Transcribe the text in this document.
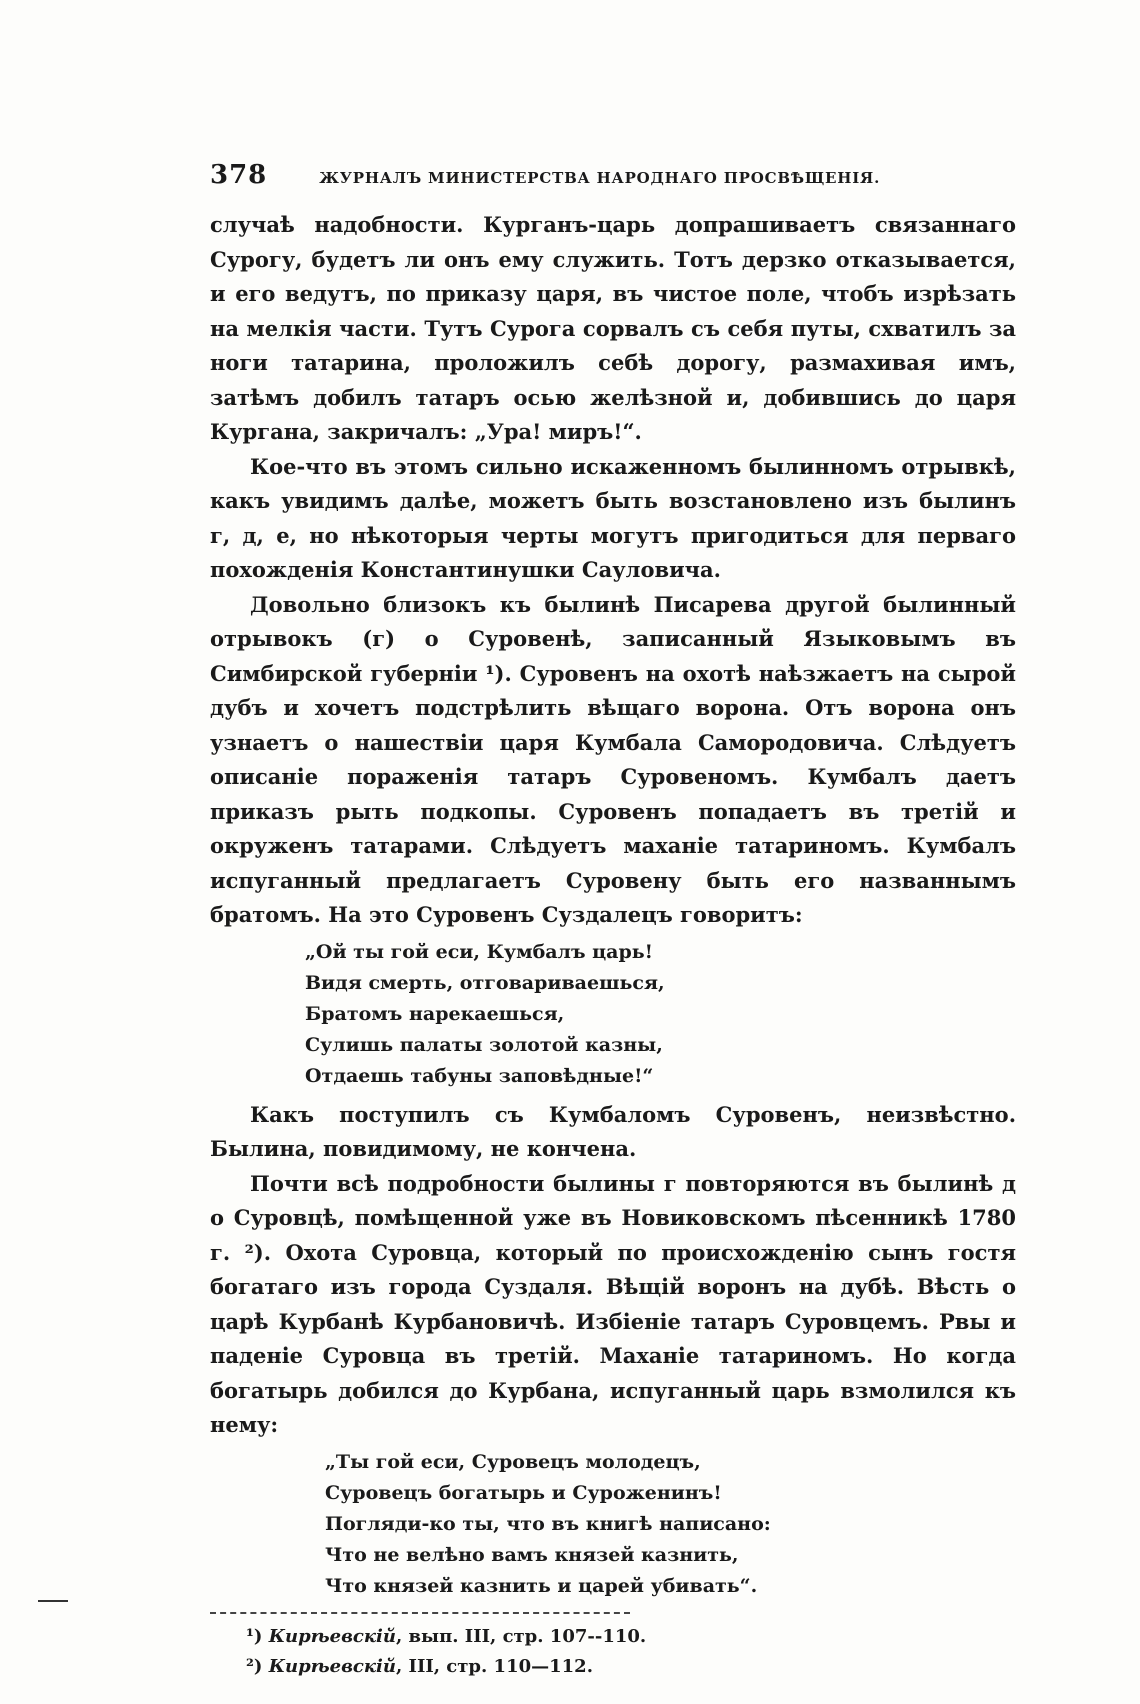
378	ЖУРНАЛЪ МИНИСТЕРСТВА НАРОДНАГО ПРОСВѢЩЕНІЯ.

случаѣ надобности. Курганъ-царь допрашиваетъ связаннаго Сурогу, будетъ ли онъ ему служить. Тотъ дерзко отказывается, и его ведутъ, по приказу царя, въ чистое поле, чтобъ изрѣзать на мелкія части. Тутъ Сурога сорвалъ съ себя путы, схватилъ за ноги татарина, проложилъ себѣ дорогу, размахивая имъ, затѣмъ добилъ татаръ осью желѣзной и, добившись до царя Кургана, закричалъ: „Ура! миръ!“.

Кое-что въ этомъ сильно искаженномъ былинномъ отрывкѣ, какъ увидимъ далѣе, можетъ быть возстановлено изъ былинъ г, д, е, но нѣкоторыя черты могутъ пригодиться для перваго похожденія Константинушки Сауловича.

Довольно близокъ къ былинѣ Писарева другой былинный отрывокъ (г) о Суровенѣ, записанный Языковымъ въ Симбирской губерніи ¹). Суровенъ на охотѣ наѣзжаетъ на сырой дубъ и хочетъ подстрѣлить вѣщаго ворона. Отъ ворона онъ узнаетъ о нашествіи царя Кумбала Самородовича. Слѣдуетъ описаніе пораженія татаръ Суровеномъ. Кумбалъ даетъ приказъ рыть подкопы. Суровенъ попадаетъ въ третій и окруженъ татарами. Слѣдуетъ маханіе татариномъ. Кумбалъ испуганный предлагаетъ Суровену быть его названнымъ братомъ. На это Суровенъ Суздалецъ говоритъ:

„Ой ты гой еси, Кумбалъ царь!
Видя смерть, отговариваешься,
Братомъ нарекаешься,
Сулишь палаты золотой казны,
Отдаешь табуны заповѣдные!“

Какъ поступилъ съ Кумбаломъ Суровенъ, неизвѣстно. Былина, повидимому, не кончена.

Почти всѣ подробности былины г повторяются въ былинѣ д о Суровцѣ, помѣщенной уже въ Новиковскомъ пѣсенникѣ 1780 г. ²). Охота Суровца, который по происхожденію сынъ гостя богатаго изъ города Суздаля. Вѣщій воронъ на дубѣ. Вѣсть о царѣ Курбанѣ Курбановичѣ. Избіеніе татаръ Суровцемъ. Рвы и паденіе Суровца въ третій. Маханіе татариномъ. Но когда богатырь добился до Курбана, испуганный царь взмолился къ нему:

„Ты гой еси, Суровецъ молодецъ,
Суровецъ богатырь и Суроженинъ!
Погляди-ко ты, что въ книгѣ написано:
Что не велѣно вамъ князей казнить,
Что князей казнить и царей убивать“.
¹) Кирѣевскій, вып. III, стр. 107--110.
²) Кирѣевскій, III, стр. 110—112.
